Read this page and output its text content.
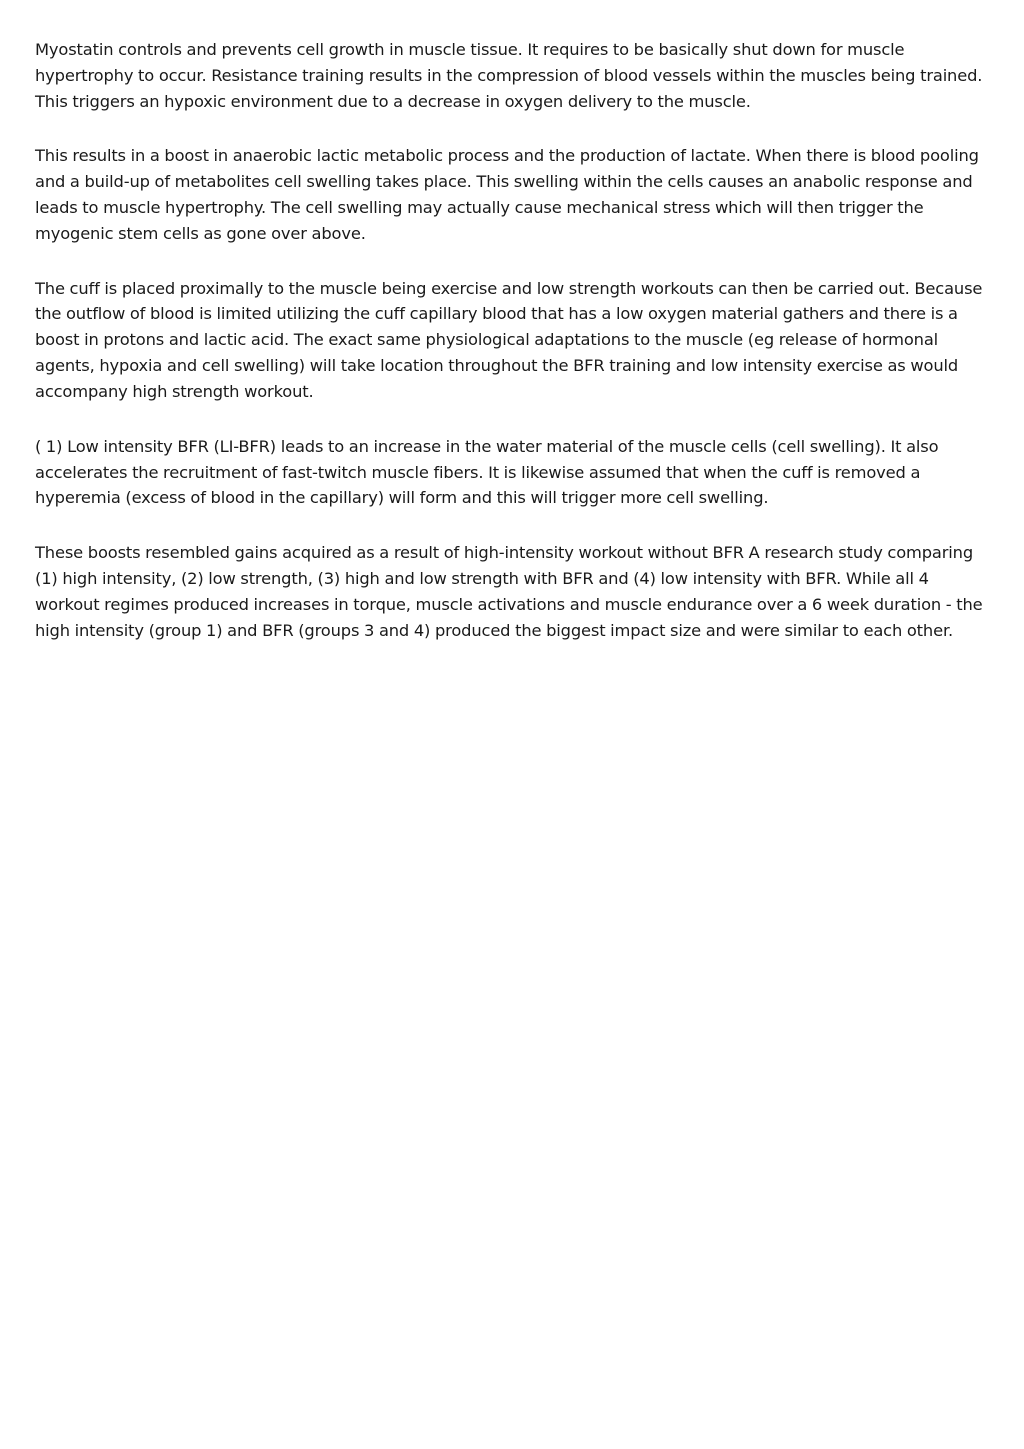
Myostatin controls and prevents cell growth in muscle tissue. It requires to be basically shut down for muscle hypertrophy to occur. Resistance training results in the compression of blood vessels within the muscles being trained. This triggers an hypoxic environment due to a decrease in oxygen delivery to the muscle.

This results in a boost in anaerobic lactic metabolic process and the production of lactate. When there is blood pooling and a build-up of metabolites cell swelling takes place. This swelling within the cells causes an anabolic response and leads to muscle hypertrophy. The cell swelling may actually cause mechanical stress which will then trigger the myogenic stem cells as gone over above.

The cuff is placed proximally to the muscle being exercise and low strength workouts can then be carried out. Because the outflow of blood is limited utilizing the cuff capillary blood that has a low oxygen material gathers and there is a boost in protons and lactic acid. The exact same physiological adaptations to the muscle (eg release of hormonal agents, hypoxia and cell swelling) will take location throughout the BFR training and low intensity exercise as would accompany high strength workout.

( 1) Low intensity BFR (LI-BFR) leads to an increase in the water material of the muscle cells (cell swelling). It also accelerates the recruitment of fast-twitch muscle fibers. It is likewise assumed that when the cuff is removed a hyperemia (excess of blood in the capillary) will form and this will trigger more cell swelling.

These boosts resembled gains acquired as a result of high-intensity workout without BFR A research study comparing (1) high intensity, (2) low strength, (3) high and low strength with BFR and (4) low intensity with BFR. While all 4 workout regimes produced increases in torque, muscle activations and muscle endurance over a 6 week duration - the high intensity (group 1) and BFR (groups 3 and 4) produced the biggest impact size and were similar to each other.
